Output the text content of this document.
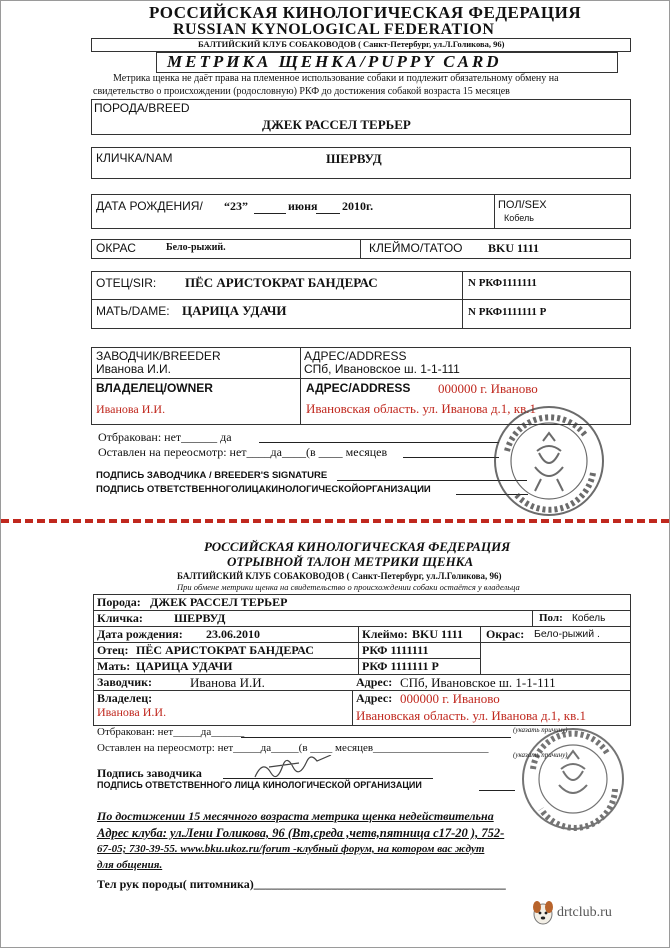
РОССИЙСКАЯ КИНОЛОГИЧЕСКАЯ ФЕДЕРАЦИЯ
RUSSIAN KYNOLOGICAL FEDERATION
БАЛТИЙСКИЙ КЛУБ СОБАКОВОДОВ ( Санкт-Петербург, ул.Л.Голикова, 96)
МЕТРИКА ЩЕНКА/PUPPY CARD
Метрика щенка не даёт права на племенное использование собаки и подлежит обязательному обмену на
свидетельство о происхождении (родословную) РКФ до достижения собакой возраста 15 месяцев
ПОРОДА/BREED
ДЖЕК РАССЕЛ ТЕРЬЕР
КЛИЧКА/NAM	ШЕРВУД
ДАТА РОЖДЕНИЯ/ “23”	июня 2010г.	ПОЛ/SEX
Кобель
ОКРАС	Бело-рыжий.	КЛЕЙМО/TATOO BKU 1111
ОТЕЦ/SIR: ПЁС АРИСТОКРАТ БАНДЕРАС	N РКФ1111111
МАТЬ/DAME: ЦАРИЦА УДАЧИ	N РКФ1111111 Р
ЗАВОДЧИК/BREEDER
Иванова И.И.
АДРЕС/ADDRESS
СПб, Ивановское ш. 1-1-111
ВЛАДЕЛЕЦ/OWNER
Иванова И.И.
АДРЕС/ADDRESS 000000 г. Иваново
Ивановская область. ул. Иванова д.1, кв.1
Отбракован: нет______ да
Оставлен на переосмотр: нет____да____(в ____ месяцев
ПОДПИСЬ ЗАВОДЧИКА / BREEDER'S SIGNATURE
ПОДПИСЬ ОТВЕТСТВЕННОГОЛИЦАКИНОЛОГИЧЕСКОЙОРГАНИЗАЦИИ
РОССИЙСКАЯ КИНОЛОГИЧЕСКАЯ ФЕДЕРАЦИЯ
ОТРЫВНОЙ ТАЛОН МЕТРИКИ ЩЕНКА
БАЛТИЙСКИЙ КЛУБ СОБАКОВОДОВ ( Санкт-Петербург, ул.Л.Голикова, 96)
При обмене метрики щенка на свидетельство о происхождении собаки остаётся у владельца
Порода: ДЖЕК РАССЕЛ ТЕРЬЕР
Кличка:	ШЕРВУД	Пол: Кобель
Дата рождения: 23.06.2010	Клеймо: BKU 1111 Окрас: Бело-рыжий .
Отец: ПЁС АРИСТОКРАТ БАНДЕРАС	РКФ 1111111
Мать: ЦАРИЦА УДАЧИ	РКФ 1111111 Р
Заводчик:	Иванова И.И.	Адрес: СПб, Ивановское ш. 1-1-111
Владелец:
Иванова И.И.
Адрес: 000000 г. Иваново
Ивановская область. ул. Иванова д.1, кв.1
Отбракован: нет_____да______	(указать причину)
Оставлен на переосмотр: нет_____да_____(в ____ месяцев_____________________
(указать причину)
Подпись заводчика
ПОДПИСЬ ОТВЕТСТВЕННОГО ЛИЦА КИНОЛОГИЧЕСКОЙ ОРГАНИЗАЦИИ
По достижении 15 месячного возраста метрика щенка недействительна
Адрес клуба: ул.Лени Голикова, 96 (Вт,среда ,четв,пятница с17-20 ), 752-
67-05; 730-39-55. www.bku.ukoz.ru/forum -клубный форум, на котором вас ждут
для общения.
Тел рук породы( питомника)__________________________________________
drtclub.ru
